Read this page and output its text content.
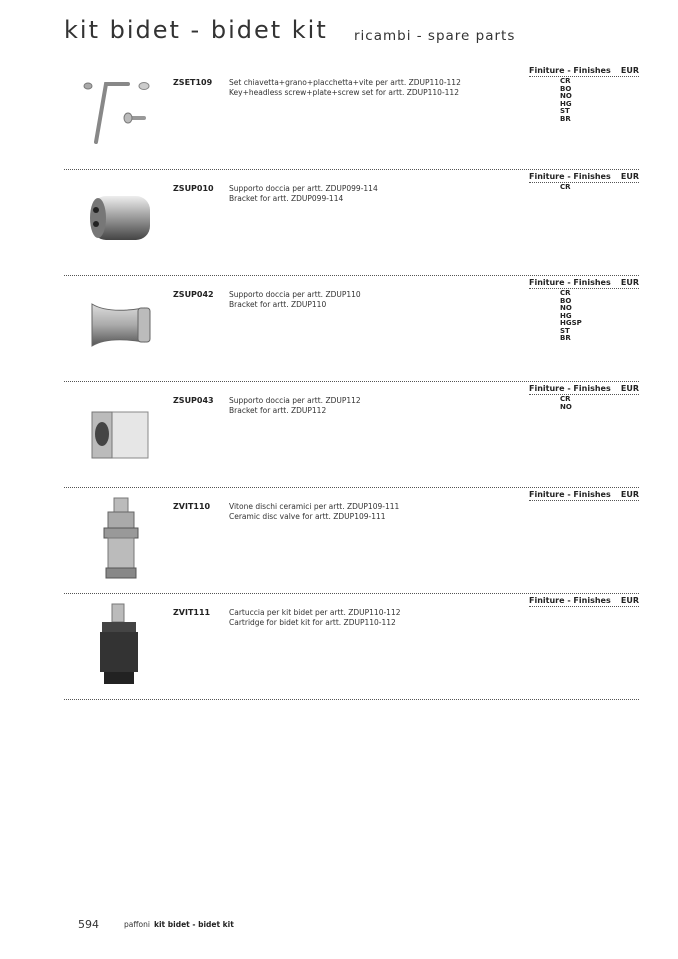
kit bidet - bidet kit ricambi - spare parts
ZSET109 Set chiavetta+grano+placchetta+vite per artt. ZDUP110-112
Key+headless screw+plate+screw set for artt. ZDUP110-112
Finiture - Finishes EUR
CR
BO
NO
HG
ST
BR
ZSUP010 Supporto doccia per artt. ZDUP099-114
Bracket for artt. ZDUP099-114
Finiture - Finishes EUR
CR
ZSUP042 Supporto doccia per artt. ZDUP110
Bracket for artt. ZDUP110
Finiture - Finishes EUR
CR
BO
NO
HG
HGSP
ST
BR
ZSUP043 Supporto doccia per artt. ZDUP112
Bracket for artt. ZDUP112
Finiture - Finishes EUR
CR
NO
ZVIT110	Vitone dischi ceramici per artt. ZDUP109-111
Ceramic disc valve for artt. ZDUP109-111
Finiture - Finishes EUR
ZVIT111	Cartuccia per kit bidet per artt. ZDUP110-112
Cartridge for bidet kit for artt. ZDUP110-112
Finiture - Finishes EUR
594	paffoni kit bidet - bidet kit
